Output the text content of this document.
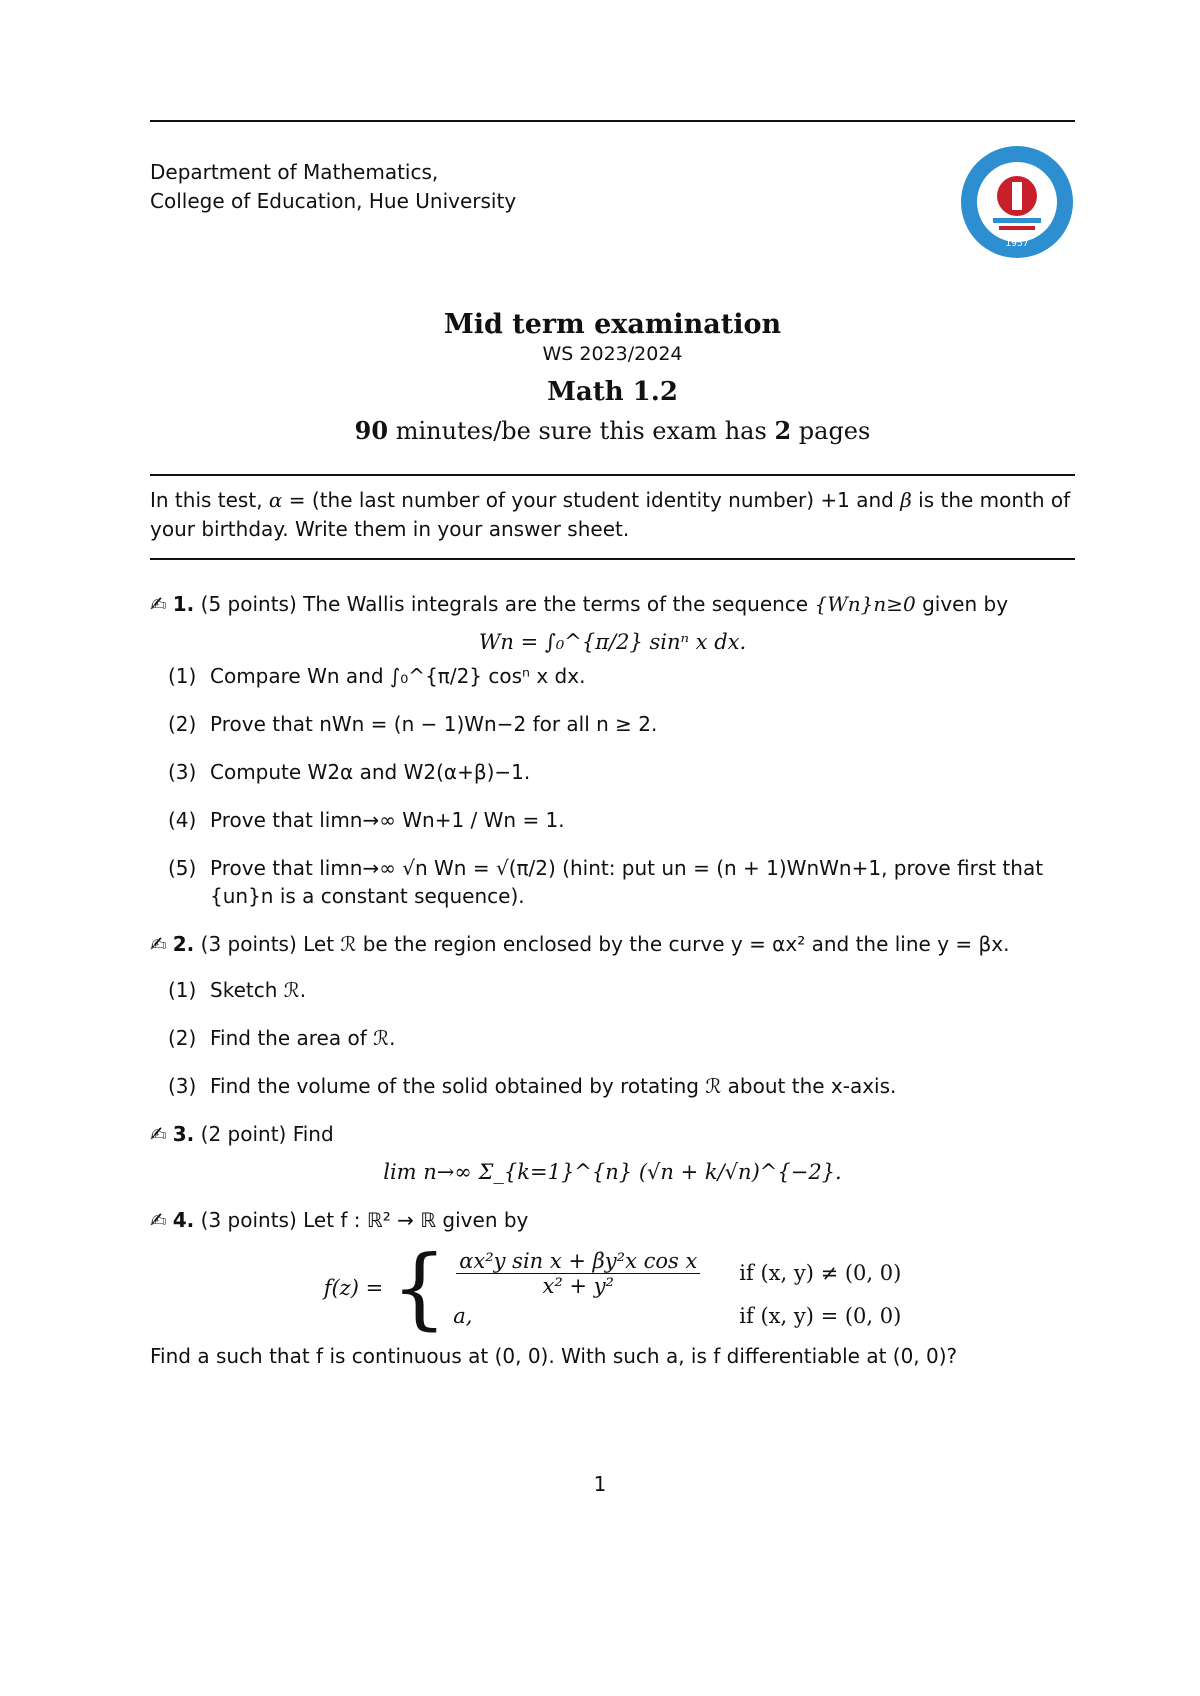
Department of Mathematics,
College of Education, Hue University
1957
Mid term examination
WS 2023/2024
Math 1.2
90 minutes/be sure this exam has 2 pages
In this test, α = (the last number of your student identity number) +1 and β is the month of your birthday. Write them in your answer sheet.
✍ 1. (5 points) The Wallis integrals are the terms of the sequence {Wn}n≥0 given by
Wn = ∫₀^{π/2} sinⁿ x dx.
(1) Compare Wn and ∫₀^{π/2} cosⁿ x dx.
(2) Prove that nWn = (n − 1)Wn−2 for all n ≥ 2.
(3) Compute W2α and W2(α+β)−1.
(4) Prove that limn→∞ Wn+1 / Wn = 1.
(5) Prove that limn→∞ √n Wn = √(π/2) (hint: put un = (n + 1)WnWn+1, prove first that {un}n is a constant sequence).
✍ 2. (3 points) Let ℛ be the region enclosed by the curve y = αx² and the line y = βx.
(1) Sketch ℛ.
(2) Find the area of ℛ.
(3) Find the volume of the solid obtained by rotating ℛ about the x-axis.
✍ 3. (2 point) Find
lim n→∞ Σ_{k=1}^{n} (√n + k/√n)^{−2}.
✍ 4. (3 points) Let f : ℝ² → ℝ given by
f(z) = { $\frac{\text{αx²y sin x + βy²x cos x}}{\text{x² + y²}}$ if (x, y) ≠ (0, 0)
a,	if (x, y) = (0, 0)
Find a such that f is continuous at (0, 0). With such a, is f differentiable at (0, 0)?
1
